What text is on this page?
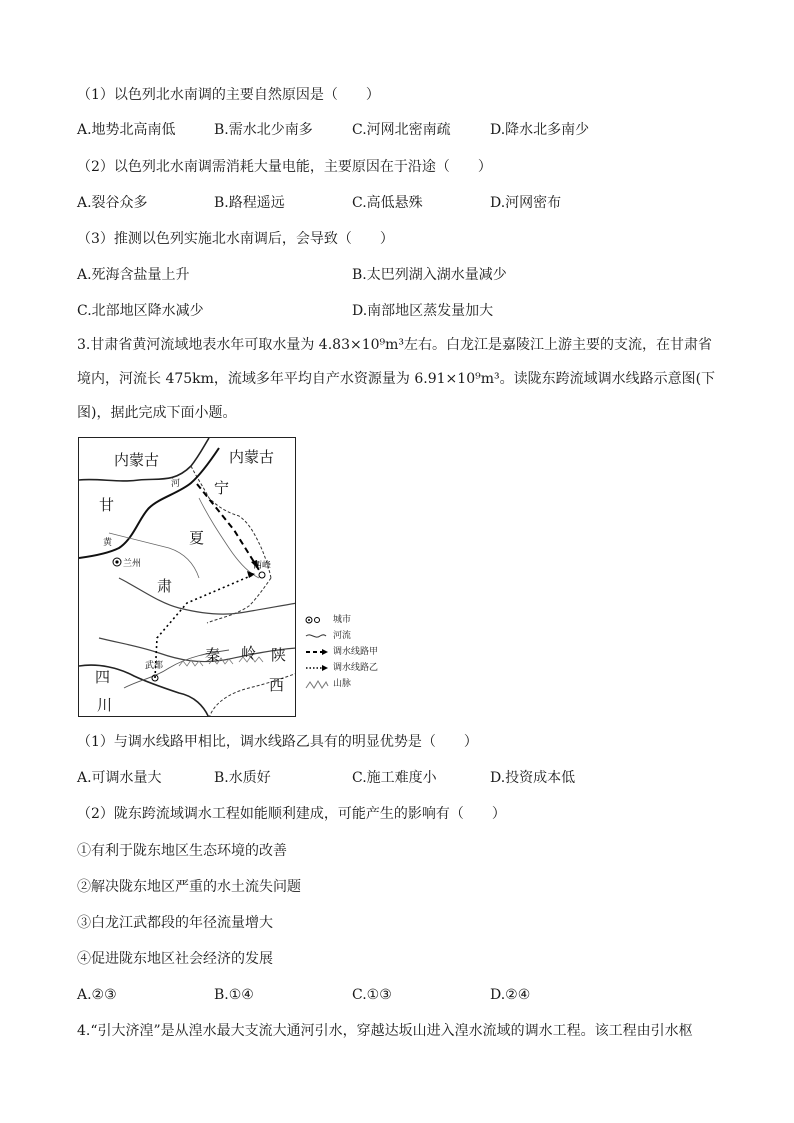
（1）以色列北水南调的主要自然原因是（　　）
A.地势北高南低	B.需水北少南多	C.河网北密南疏	D.降水北多南少
（2）以色列北水南调需消耗大量电能，主要原因在于沿途（　　）
A.裂谷众多	B.路程遥远	C.高低悬殊	D.河网密布
（3）推测以色列实施北水南调后，会导致（　　）
A.死海含盐量上升	B.太巴列湖入湖水量减少
C.北部地区降水减少	D.南部地区蒸发量加大
3.甘肃省黄河流域地表水年可取水量为 4.83×10⁹m³左右。白龙江是嘉陵江上游主要的支流，在甘肃省境内，河流长 475km，流域多年平均自产水资源量为 6.91×10⁹m³。读陇东跨流域调水线路示意图(下图)，据此完成下面小题。
内蒙古	内蒙古
甘
宁
夏
肃
兰州	西峰
武都
黄
河
秦 岭 陕
西
四
川
城市
河流
调水线路甲
调水线路乙
山脉
（1）与调水线路甲相比，调水线路乙具有的明显优势是（　　）
A.可调水量大	B.水质好	C.施工难度小	D.投资成本低
（2）陇东跨流域调水工程如能顺利建成，可能产生的影响有（　　）
①有利于陇东地区生态环境的改善
②解决陇东地区严重的水土流失问题
③白龙江武都段的年径流量增大
④促进陇东地区社会经济的发展
A.②③	B.①④	C.①③	D.②④
4.“引大济湟”是从湟水最大支流大通河引水，穿越达坂山进入湟水流域的调水工程。该工程由引水枢
